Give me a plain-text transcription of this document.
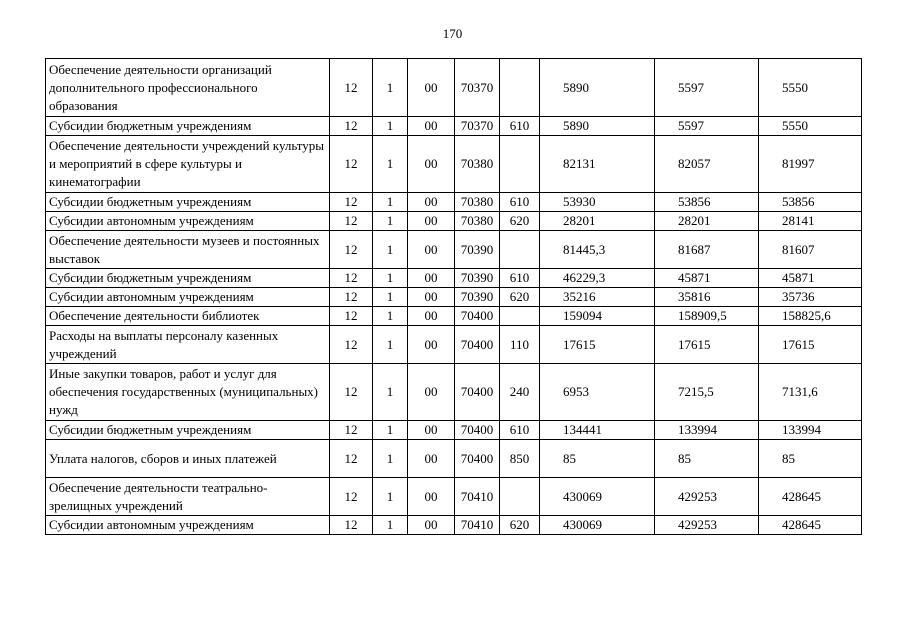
170
Обеспечение деятельности организаций дополнительного профессионального образования	12	1	00	70370		5890	5597	5550
Субсидии бюджетным учреждениям	12	1	00	70370	610	5890	5597	5550
Обеспечение деятельности учреждений культуры и мероприятий в сфере культуры и кинематографии	12	1	00	70380		82131	82057	81997
Субсидии бюджетным учреждениям	12	1	00	70380	610	53930	53856	53856
Субсидии автономным учреждениям	12	1	00	70380	620	28201	28201	28141
Обеспечение деятельности музеев и постоянных выставок	12	1	00	70390		81445,3	81687	81607
Субсидии бюджетным учреждениям	12	1	00	70390	610	46229,3	45871	45871
Субсидии автономным учреждениям	12	1	00	70390	620	35216	35816	35736
Обеспечение деятельности библиотек	12	1	00	70400		159094	158909,5	158825,6
Расходы на выплаты персоналу казенных учреждений	12	1	00	70400	110	17615	17615	17615
Иные закупки товаров, работ и услуг для обеспечения государственных (муниципальных) нужд	12	1	00	70400	240	6953	7215,5	7131,6
Субсидии бюджетным учреждениям	12	1	00	70400	610	134441	133994	133994
Уплата налогов, сборов и иных платежей	12	1	00	70400	850	85	85	85
Обеспечение деятельности театрально-зрелищных учреждений	12	1	00	70410		430069	429253	428645
Субсидии автономным учреждениям	12	1	00	70410	620	430069	429253	428645
